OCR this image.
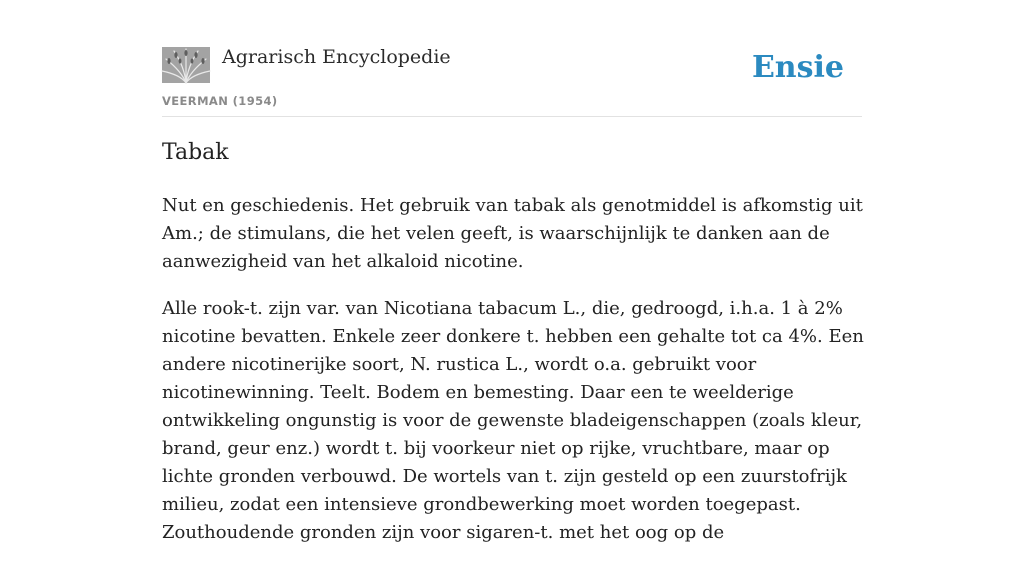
Agrarisch Encyclopedie
VEERMAN (1954)
Ensie
Tabak

Nut en geschiedenis. Het gebruik van tabak als genotmiddel is afkomstig uit Am.; de stimulans, die het velen geeft, is waarschijnlijk te danken aan de aanwezigheid van het alkaloid nicotine.

Alle rook-t. zijn var. van Nicotiana tabacum L., die, gedroogd, i.h.a. 1 à 2% nicotine bevatten. Enkele zeer donkere t. hebben een gehalte tot ca 4%. Een andere nicotinerijke soort, N. rustica L., wordt o.a. gebruikt voor nicotinewinning. Teelt. Bodem en bemesting. Daar een te weelderige ontwikkeling ongunstig is voor de gewenste bladeigenschappen (zoals kleur, brand, geur enz.) wordt t. bij voorkeur niet op rijke, vruchtbare, maar op lichte gronden verbouwd. De wortels van t. zijn gesteld op een zuurstofrijk milieu, zodat een intensieve grondbewerking moet worden toegepast. Zouthoudende gronden zijn voor sigaren-t. met het oog op de
